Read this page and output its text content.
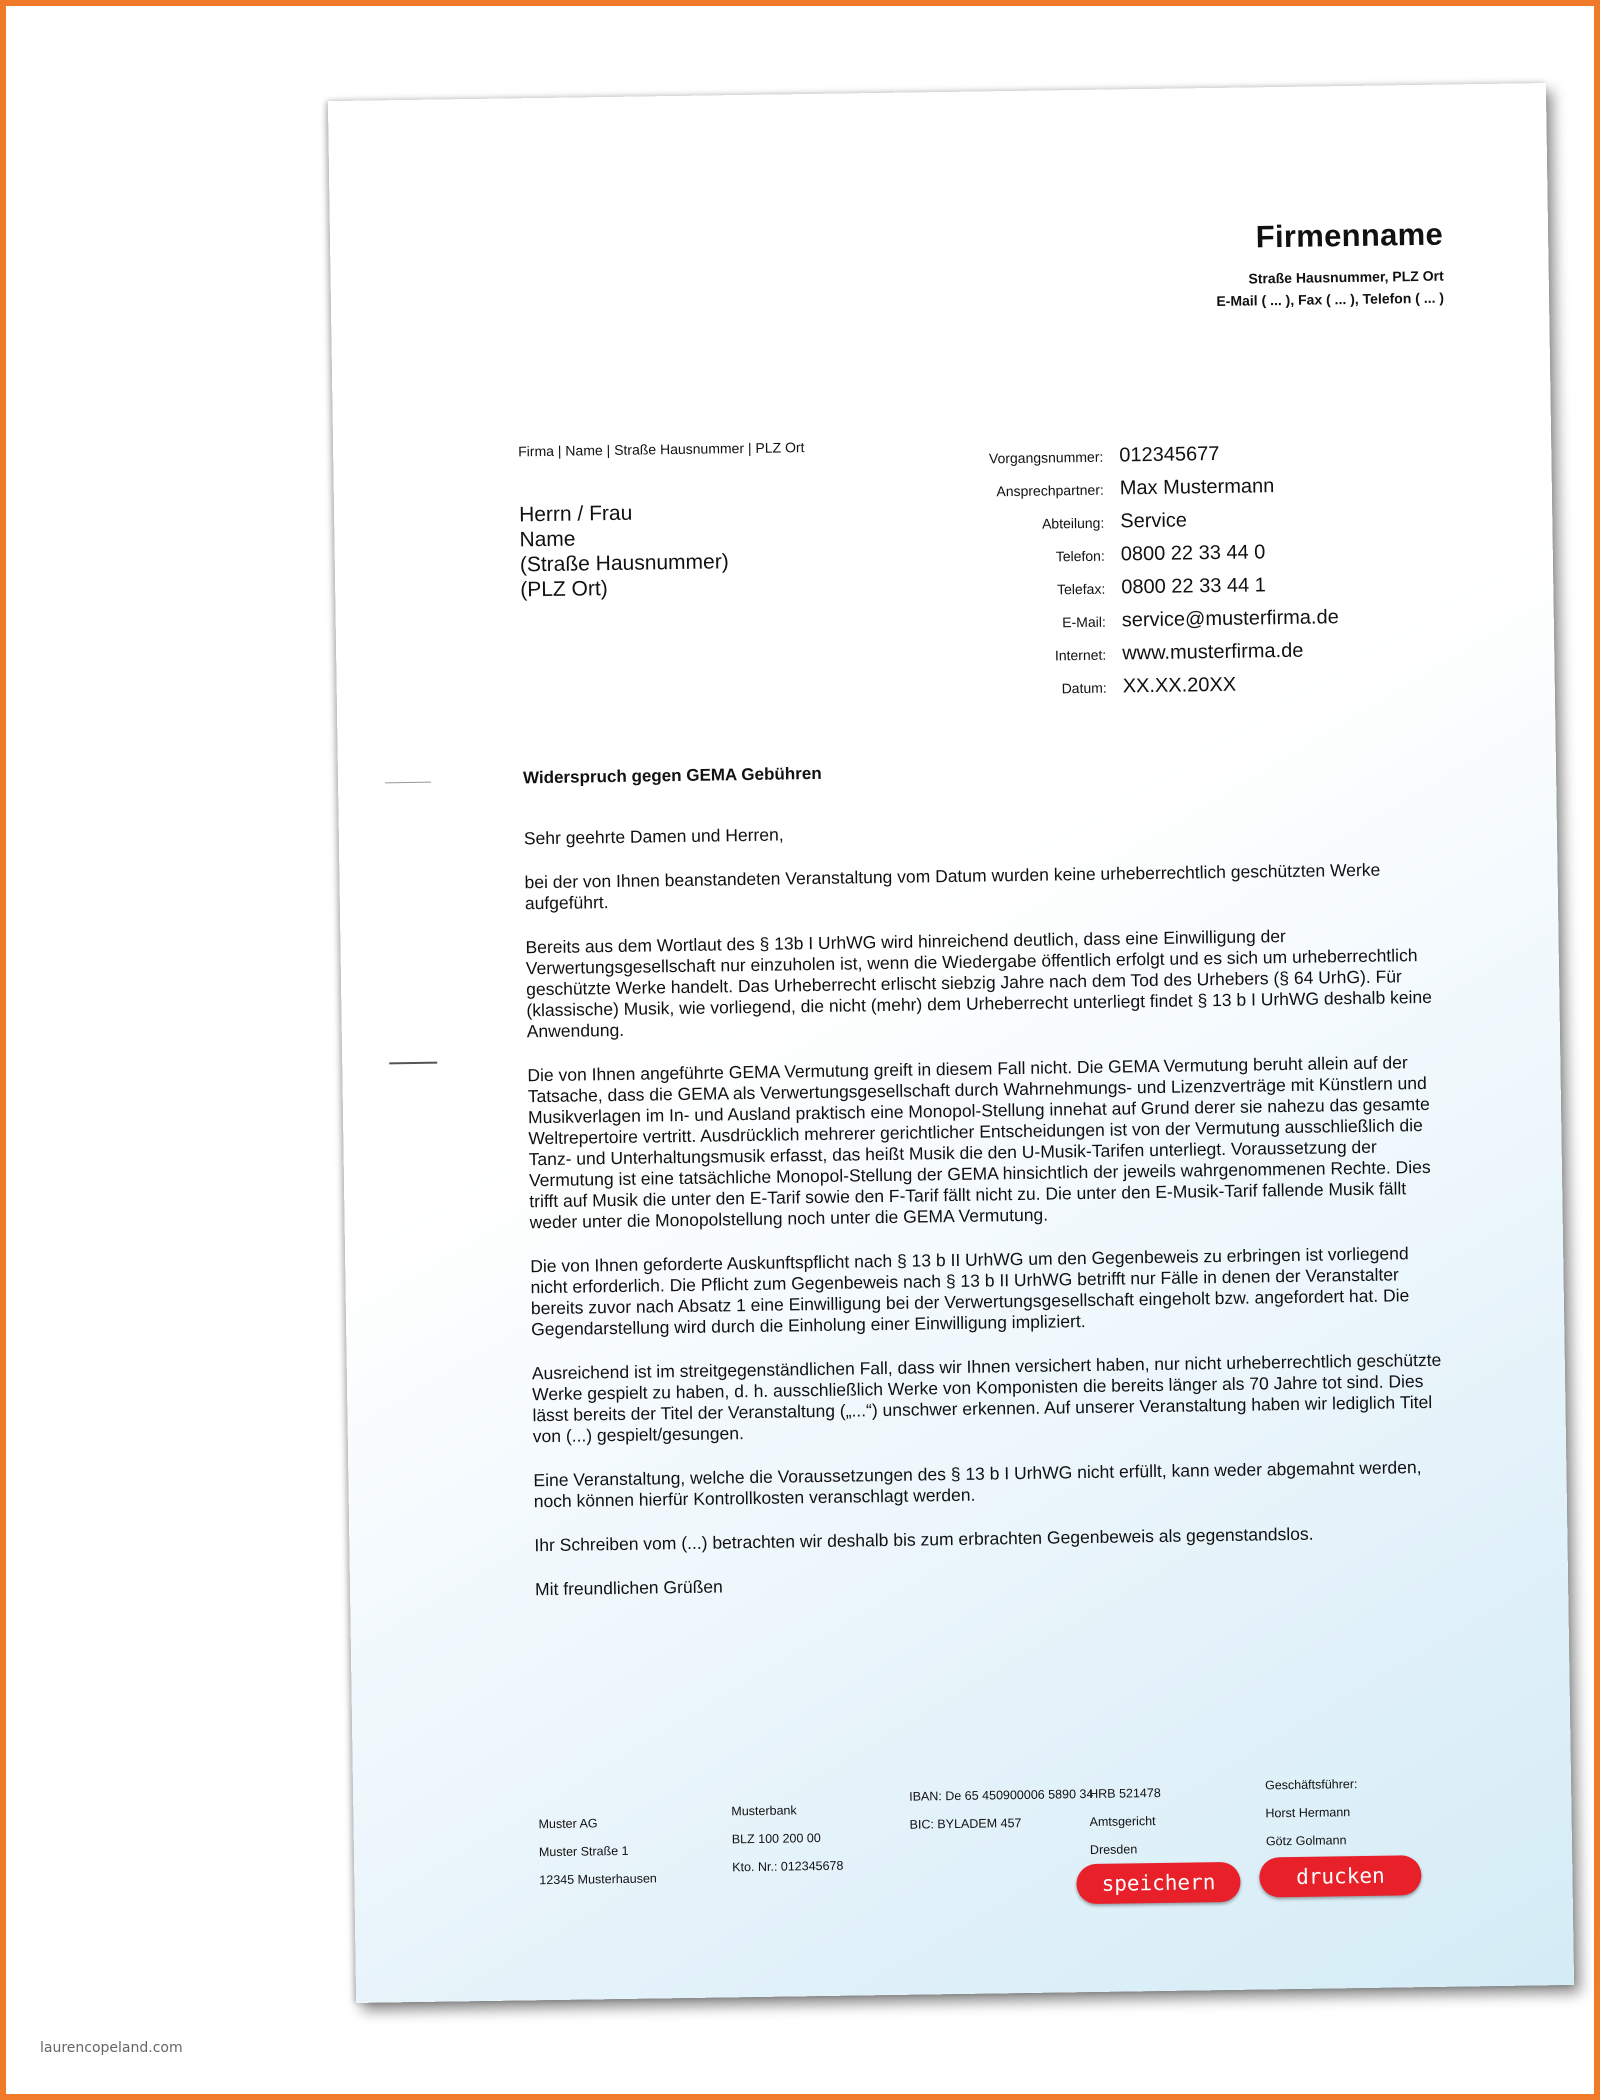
Firmenname
Straße Hausnummer, PLZ Ort
E-Mail ( ... ), Fax ( ... ), Telefon ( ... )
Firma | Name | Straße Hausnummer | PLZ Ort
Herrn / Frau
Name
(Straße Hausnummer)
(PLZ Ort)
Vorgangsnummer: 012345677
Ansprechpartner: Max Mustermann
Abteilung: Service
Telefon: 0800 22 33 44 0
Telefax: 0800 22 33 44 1
E-Mail: service@musterfirma.de
Internet: www.musterfirma.de
Datum: XX.XX.20XX
Widerspruch gegen GEMA Gebühren

Sehr geehrte Damen und Herren,

bei der von Ihnen beanstandeten Veranstaltung vom Datum wurden keine urheberrechtlich geschützten Werke aufgeführt.

Bereits aus dem Wortlaut des § 13b I UrhWG wird hinreichend deutlich, dass eine Einwilligung der Verwertungsgesellschaft nur einzuholen ist, wenn die Wiedergabe öffentlich erfolgt und es sich um urheberrechtlich geschützte Werke handelt. Das Urheberrecht erlischt siebzig Jahre nach dem Tod des Urhebers (§ 64 UrhG). Für (klassische) Musik, wie vorliegend, die nicht (mehr) dem Urheberrecht unterliegt findet § 13 b I UrhWG deshalb keine Anwendung.

Die von Ihnen angeführte GEMA Vermutung greift in diesem Fall nicht. Die GEMA Vermutung beruht allein auf der Tatsache, dass die GEMA als Verwertungsgesellschaft durch Wahrnehmungs- und Lizenzverträge mit Künstlern und Musikverlagen im In- und Ausland praktisch eine Monopol-Stellung innehat auf Grund derer sie nahezu das gesamte Weltrepertoire vertritt. Ausdrücklich mehrerer gerichtlicher Entscheidungen ist von der Vermutung ausschließlich die Tanz- und Unterhaltungsmusik erfasst, das heißt Musik die den U-Musik-Tarifen unterliegt. Voraussetzung der Vermutung ist eine tatsächliche Monopol-Stellung der GEMA hinsichtlich der jeweils wahrgenommenen Rechte. Dies trifft auf Musik die unter den E-Tarif sowie den F-Tarif fällt nicht zu. Die unter den E-Musik-Tarif fallende Musik fällt weder unter die Monopolstellung noch unter die GEMA Vermutung.

Die von Ihnen geforderte Auskunftspflicht nach § 13 b II UrhWG um den Gegenbeweis zu erbringen ist vorliegend nicht erforderlich. Die Pflicht zum Gegenbeweis nach § 13 b II UrhWG betrifft nur Fälle in denen der Veranstalter bereits zuvor nach Absatz 1 eine Einwilligung bei der Verwertungsgesellschaft eingeholt bzw. angefordert hat. Die Gegendarstellung wird durch die Einholung einer Einwilligung impliziert.

Ausreichend ist im streitgegenständlichen Fall, dass wir Ihnen versichert haben, nur nicht urheberrechtlich geschützte Werke gespielt zu haben, d. h. ausschließlich Werke von Komponisten die bereits länger als 70 Jahre tot sind. Dies lässt bereits der Titel der Veranstaltung („...“) unschwer erkennen. Auf unserer Veranstaltung haben wir lediglich Titel von (...) gespielt/gesungen.

Eine Veranstaltung, welche die Voraussetzungen des § 13 b I UrhWG nicht erfüllt, kann weder abgemahnt werden, noch können hierfür Kontrollkosten veranschlagt werden.

Ihr Schreiben vom (...) betrachten wir deshalb bis zum erbrachten Gegenbeweis als gegenstandslos.

Mit freundlichen Grüßen

Muster AG
Muster Straße 1
12345 Musterhausen
Musterbank
BLZ 100 200 00
Kto. Nr.: 012345678
IBAN: De 65 450900006 5890 34
BIC: BYLADEM 457
HRB 521478
Amtsgericht
Dresden
Geschäftsführer:
Horst Hermann
Götz Golmann
speichern	drucken
laurencopeland.com
